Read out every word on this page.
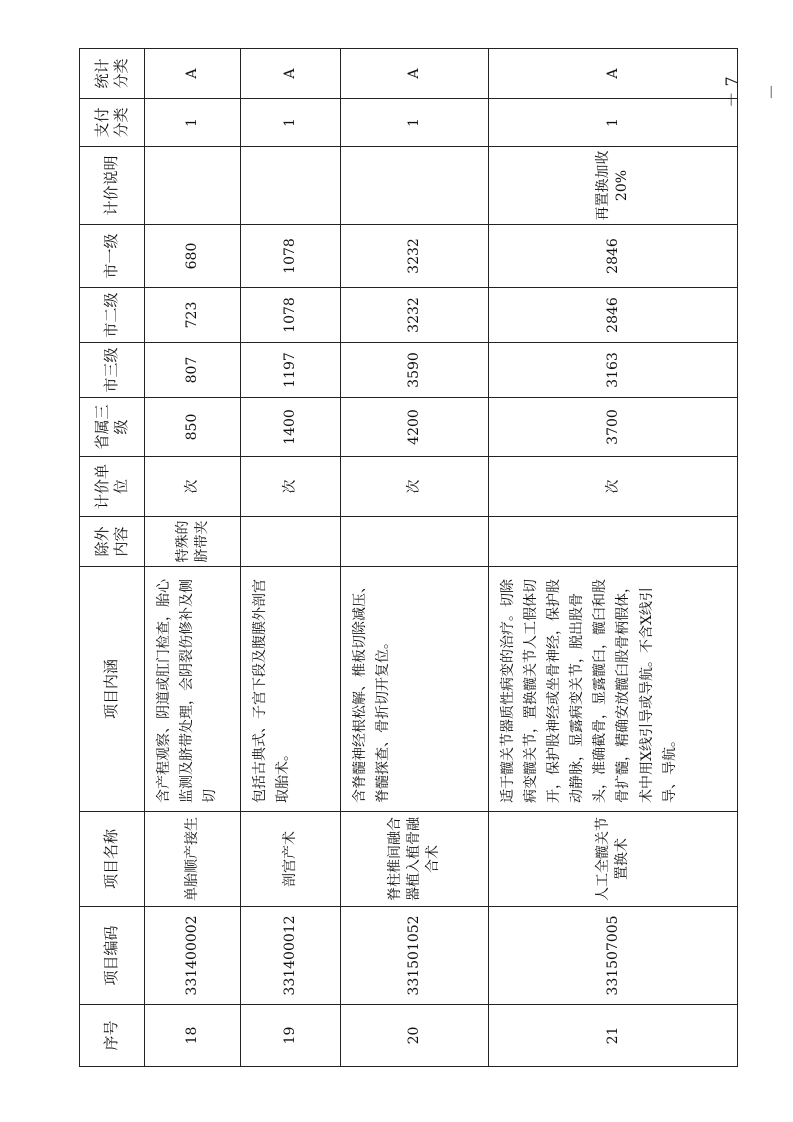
序号	项目编码	项目名称	项目内涵	除外内容	计价单位	省属三级	市三级	市二级	市一级	计价说明	支付分类	统计分类
18	331400002	单胎顺产接生	含产程观察、阴道或肛门检查，胎心监测及脐带处理，会阴裂伤修补及侧切	特殊的脐带夹	次	850	807	723	680		1	A
19	331400012	剖宫产术	包括古典式、子宫下段及腹膜外剖宫取胎术。		次	1400	1197	1078	1078		1	A
20	331501052	脊柱椎间融合器植入植骨融合术	含脊髓神经根松解、椎板切除减压、脊髓探查、骨折切开复位。		次	4200	3590	3232	3232		1	A
21	331507005	人工全髋关节置换术	适于髋关节器质性病变的治疗。切除病变髋关节，置换髋关节人工假体切开，保护股神经或坐骨神经，保护股动静脉，显露病变关节，脱出股骨头，准确截骨，显露髋臼，髋臼和股骨扩髓，精确安放髋臼股骨柄假体，术中用X线引导或导航。不含X线引导、导航。		次	3700	3163	2846	2846	再置换加收20%	1	A
－ 7 －
